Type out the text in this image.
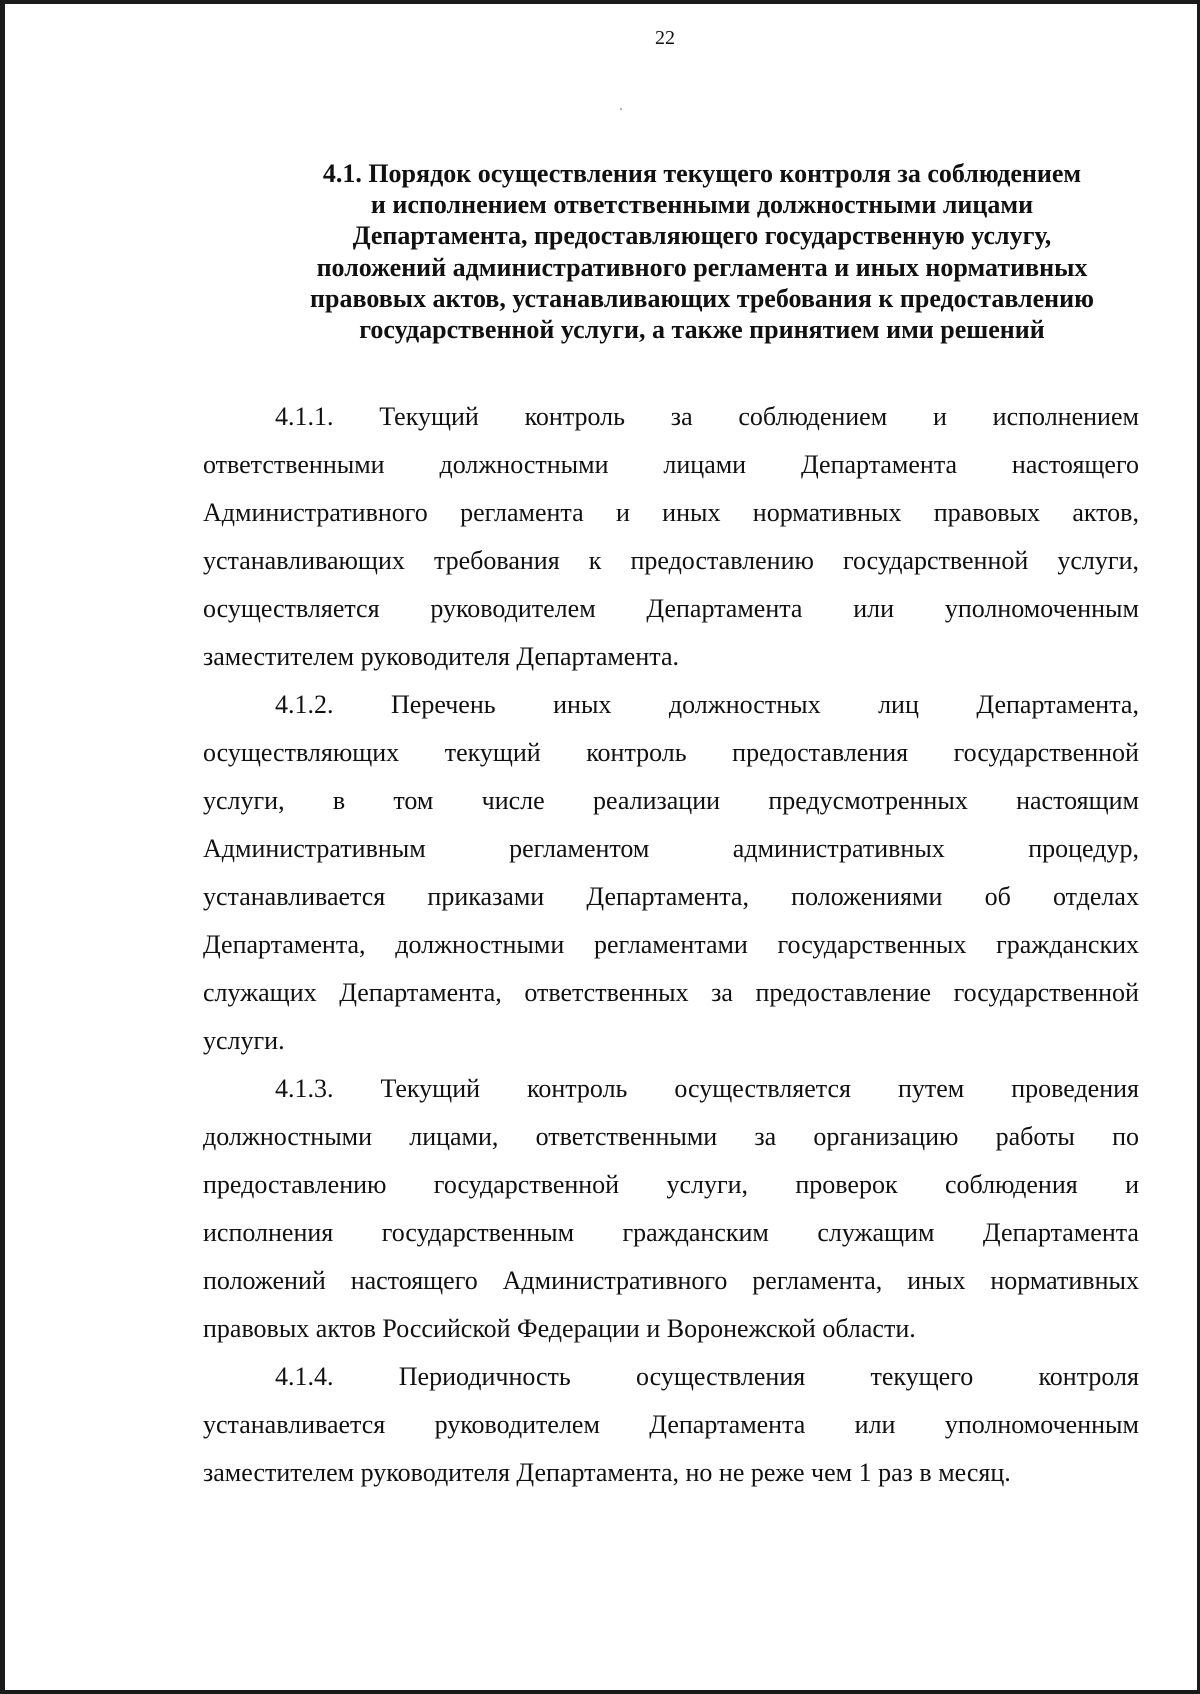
22
4.1. Порядок осуществления текущего контроля за соблюдением
и исполнением ответственными должностными лицами
Департамента, предоставляющего государственную услугу,
положений административного регламента и иных нормативных
правовых актов, устанавливающих требования к предоставлению
государственной услуги, а также принятием ими решений
4.1.1. Текущий контроль за соблюдением и исполнением
ответственными должностными лицами Департамента настоящего
Административного регламента и иных нормативных правовых актов,
устанавливающих требования к предоставлению государственной услуги,
осуществляется руководителем Департамента или уполномоченным
заместителем руководителя Департамента.
4.1.2. Перечень иных должностных лиц Департамента,
осуществляющих текущий контроль предоставления государственной
услуги, в том числе реализации предусмотренных настоящим
Административным	регламентом	административных	процедур,
устанавливается приказами Департамента, положениями об отделах
Департамента, должностными регламентами государственных гражданских
служащих Департамента, ответственных за предоставление государственной
услуги.
4.1.3. Текущий контроль осуществляется путем проведения
должностными лицами, ответственными за организацию работы по
предоставлению государственной услуги, проверок соблюдения и
исполнения государственным гражданским служащим Департамента
положений настоящего Административного регламента, иных нормативных
правовых актов Российской Федерации и Воронежской области.
4.1.4.	Периодичность	осуществления	текущего	контроля
устанавливается руководителем Департамента или уполномоченным
заместителем руководителя Департамента, но не реже чем 1 раз в месяц.
